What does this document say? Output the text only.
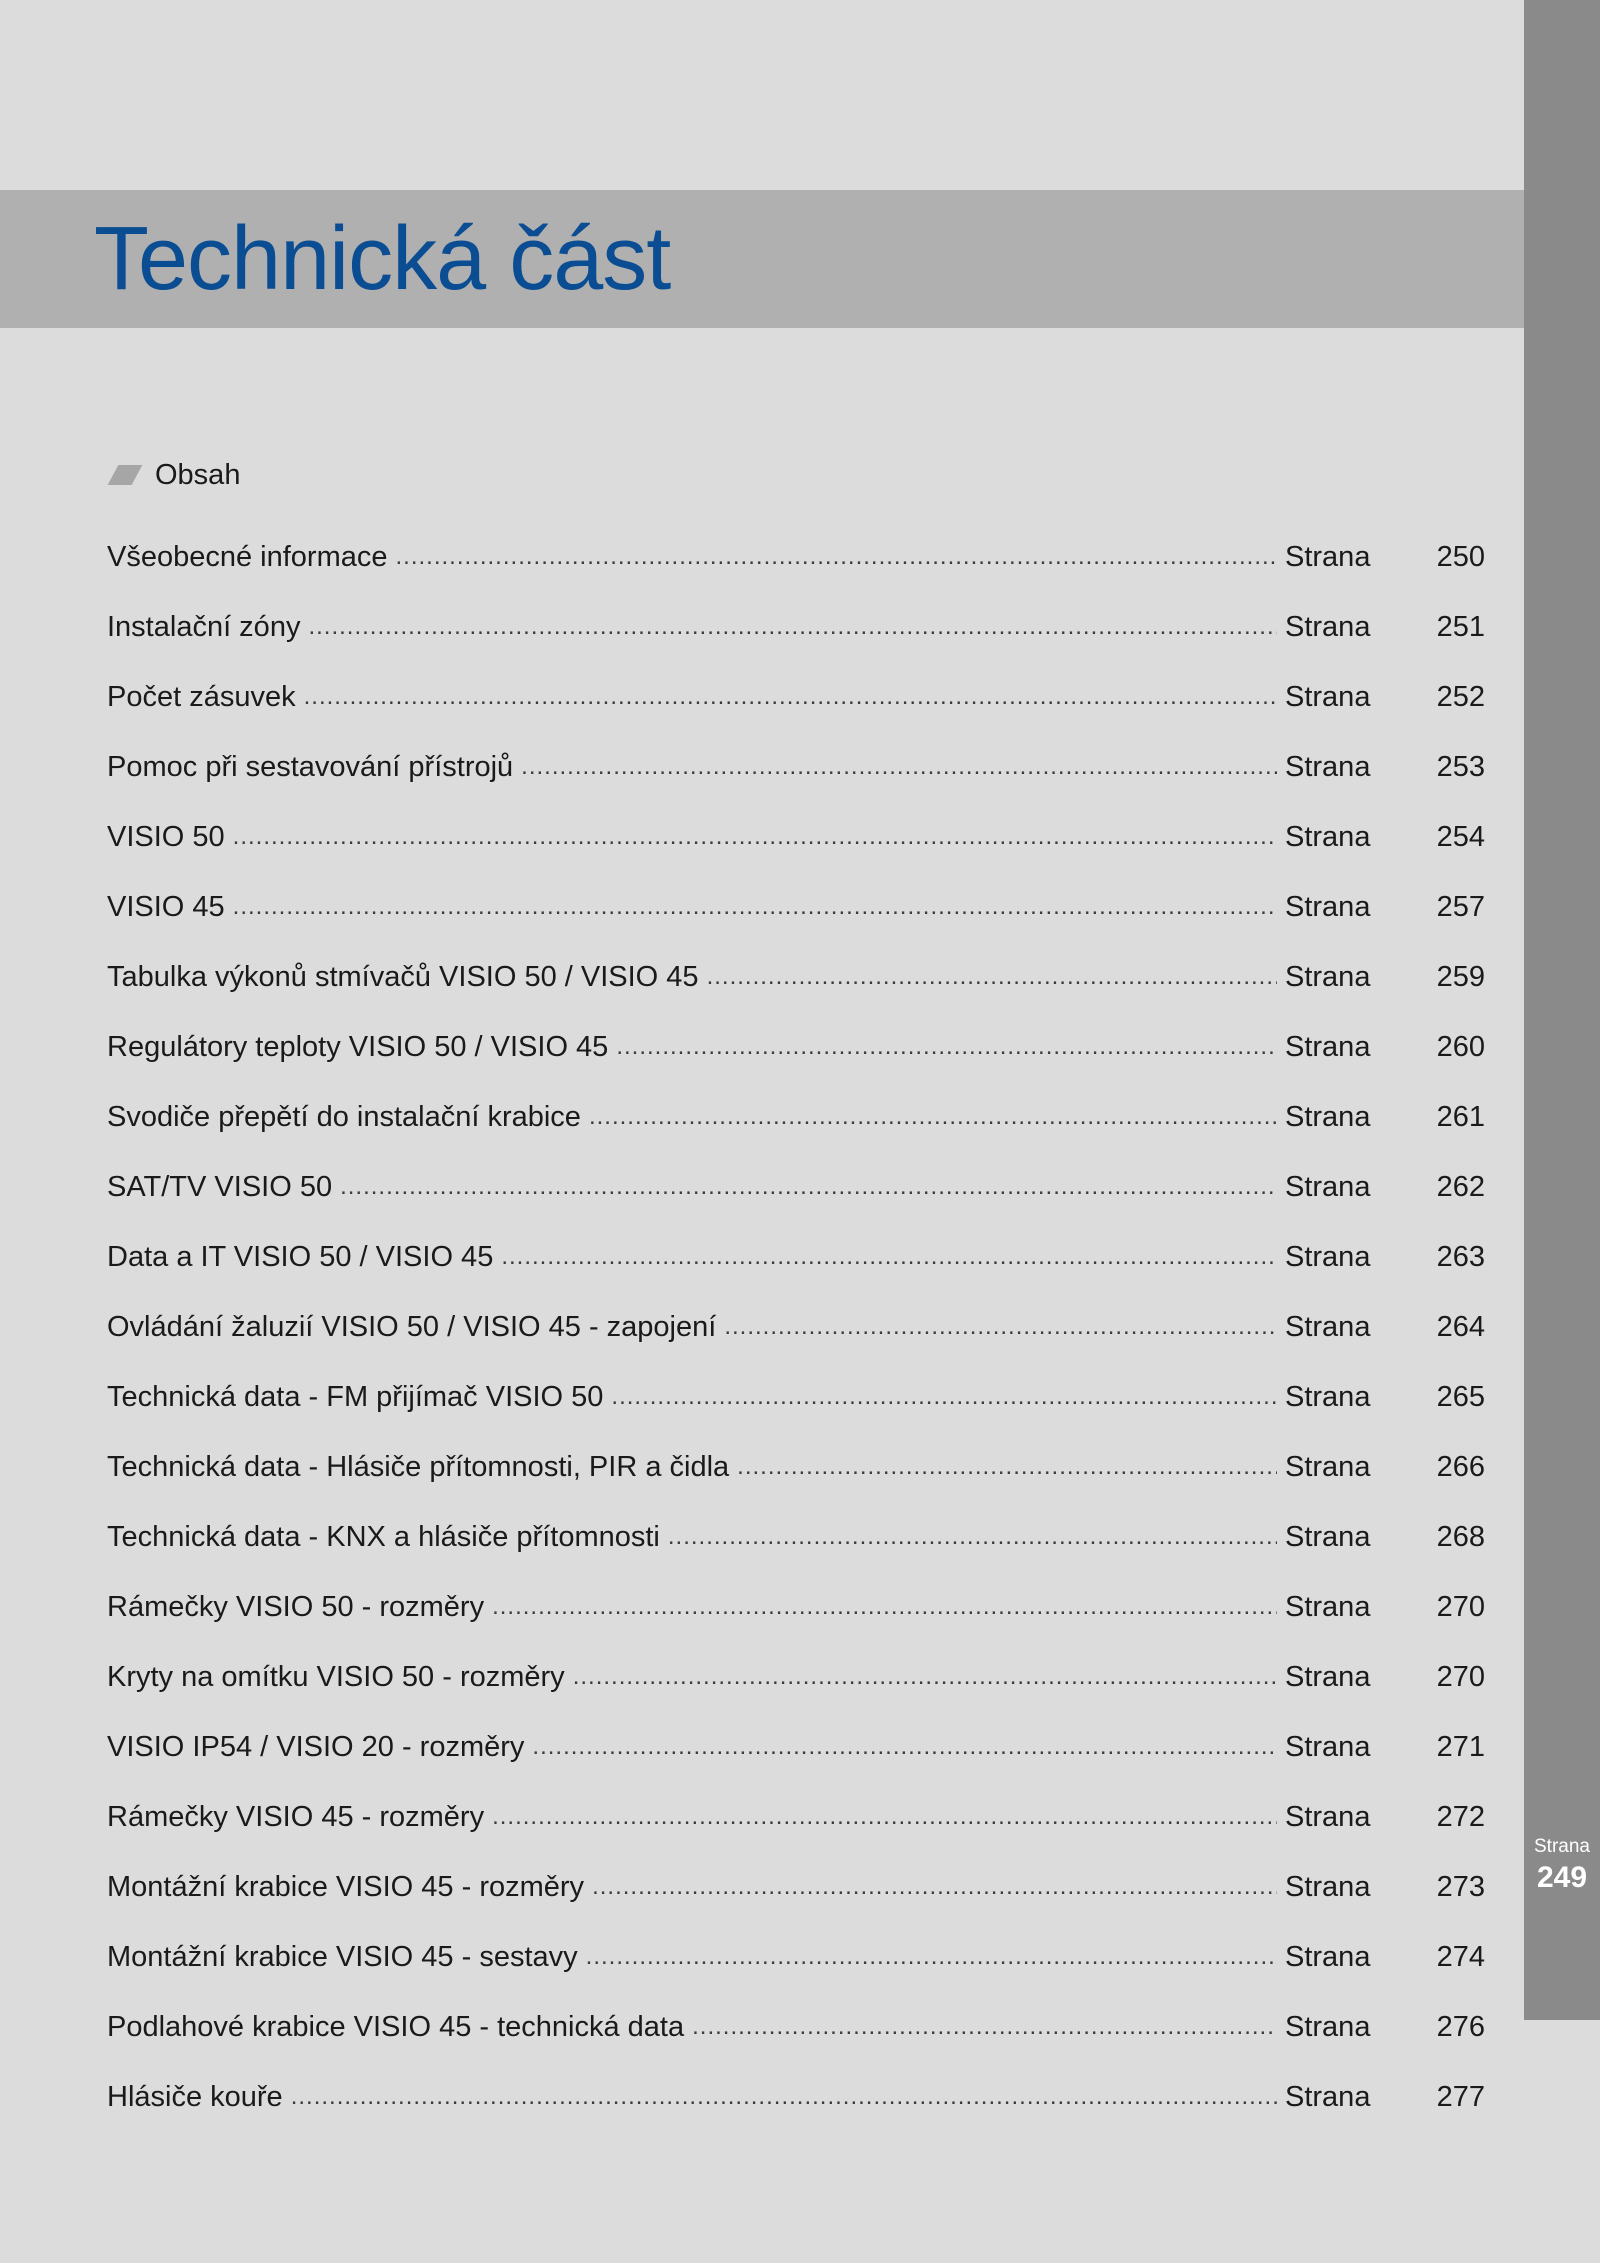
Strana
249
Technická část
Obsah
Všeobecné informace .....	Strana	250
Instalační zóny .....	Strana	251
Počet zásuvek .....	Strana	252
Pomoc při sestavování přístrojů .....	Strana	253
VISIO 50 .....	Strana	254
VISIO 45 .....	Strana	257
Tabulka výkonů stmívačů VISIO 50 / VISIO 45 .....	Strana	259
Regulátory teploty VISIO 50 / VISIO 45 .....	Strana	260
Svodiče přepětí do instalační krabice .....	Strana	261
SAT/TV VISIO 50 .....	Strana	262
Data a IT VISIO 50 / VISIO 45 .....	Strana	263
Ovládání žaluzií VISIO 50 / VISIO 45 - zapojení .....	Strana	264
Technická data - FM přijímač VISIO 50 .....	Strana	265
Technická data - Hlásiče přítomnosti, PIR a čidla .....	Strana	266
Technická data - KNX a hlásiče přítomnosti .....	Strana	268
Rámečky VISIO 50 - rozměry .....	Strana	270
Kryty na omítku VISIO 50 - rozměry .....	Strana	270
VISIO IP54 / VISIO 20 - rozměry .....	Strana	271
Rámečky VISIO 45 - rozměry .....	Strana	272
Montážní krabice VISIO 45 - rozměry .....	Strana	273
Montážní krabice VISIO 45 - sestavy .....	Strana	274
Podlahové krabice VISIO 45 - technická data .....	Strana	276
Hlásiče kouře .....	Strana	277
